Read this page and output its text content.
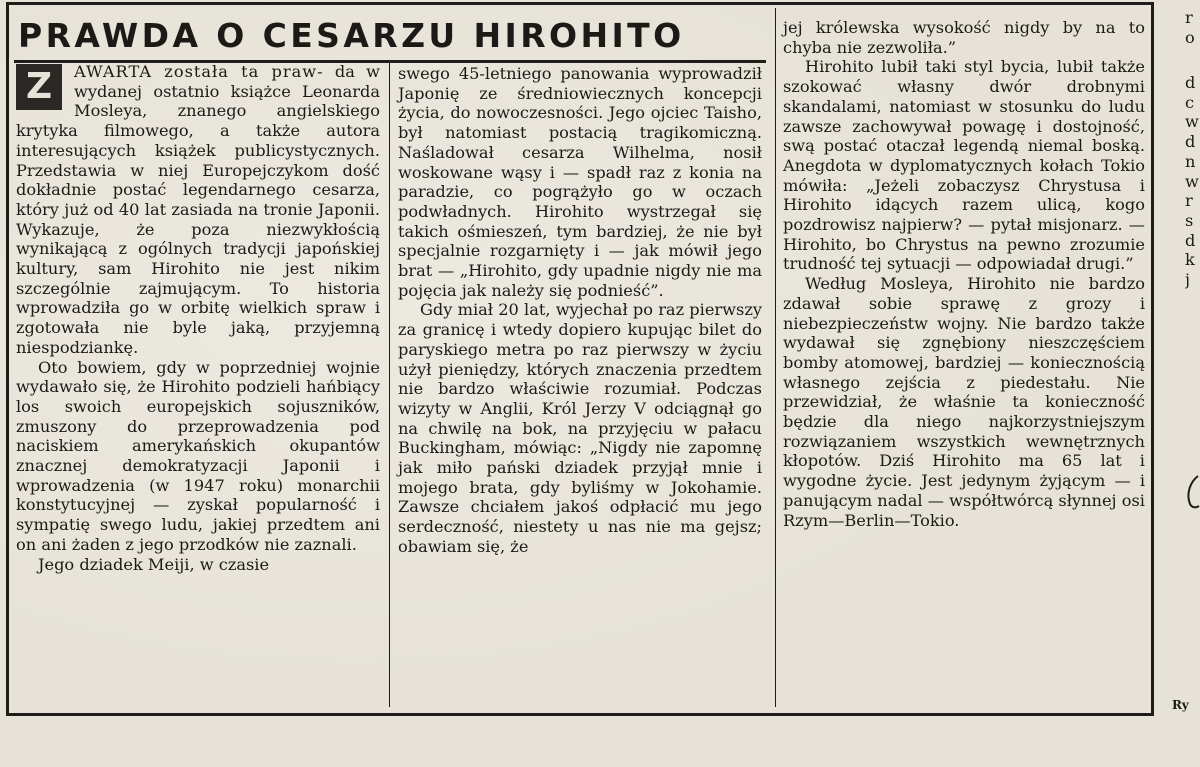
PRAWDA O CESARZU HIROHITO

Z	AWARTA została ta praw- da w wydanej ostatnio książce Leonarda Mosleya, znanego angielskiego krytyka filmowego, a także autora interesujących książek publicystycznych. Przedstawia w niej Europejczykom dość dokładnie postać legendarnego cesarza, który już od 40 lat zasiada na tronie Japonii. Wykazuje, że poza niezwykłością wynikającą z ogólnych tradycji japońskiej kultury, sam Hirohito nie jest nikim szczególnie zajmującym. To historia wprowadziła go w orbitę wielkich spraw i zgotowała nie byle jaką, przyjemną niespodziankę.

Oto bowiem, gdy w poprzedniej wojnie wydawało się, że Hirohito podzieli hańbiący los swoich europejskich sojuszników, zmuszony do przeprowadzenia pod naciskiem amerykańskich okupantów znacznej demokratyzacji Japonii i wprowadzenia (w 1947 roku) monarchii konstytucyjnej — zyskał popularność i sympatię swego ludu, jakiej przedtem ani on ani żaden z jego przodków nie zaznali.

Jego dziadek Meiji, w czasie

swego 45-letniego panowania wyprowadził Japonię ze średniowiecznych koncepcji życia, do nowoczesności. Jego ojciec Taisho, był natomiast postacią tragikomiczną. Naśladował cesarza Wilhelma, nosił woskowane wąsy i — spadł raz z konia na paradzie, co pogrążyło go w oczach podwładnych. Hirohito wystrzegał się takich ośmieszeń, tym bardziej, że nie był specjalnie rozgarnięty i — jak mówił jego brat — „Hirohito, gdy upadnie nigdy nie ma pojęcia jak należy się podnieść”.

Gdy miał 20 lat, wyjechał po raz pierwszy za granicę i wtedy dopiero kupując bilet do paryskiego metra po raz pierwszy w życiu użył pieniędzy, których znaczenia przedtem nie bardzo właściwie rozumiał. Podczas wizyty w Anglii, Król Jerzy V odciągnął go na chwilę na bok, na przyjęciu w pałacu Buckingham, mówiąc: „Nigdy nie zapomnę jak miło pański dziadek przyjął mnie i mojego brata, gdy byliśmy w Jokohamie. Zawsze chciałem jakoś odpłacić mu jego serdeczność, niestety u nas nie ma gejsz; obawiam się, że

jej królewska wysokość nigdy by na to chyba nie zezwoliła.”

Hirohito lubił taki styl bycia, lubił także szokować własny dwór drobnymi skandalami, natomiast w stosunku do ludu zawsze zachowywał powagę i dostojność, swą postać otaczał legendą niemal boską. Anegdota w dyplomatycznych kołach Tokio mówiła: „Jeżeli zobaczysz Chrystusa i Hirohito idących razem ulicą, kogo pozdrowisz najpierw? — pytał misjonarz. — Hirohito, bo Chrystus na pewno zrozumie trudność tej sytuacji — odpowiadał drugi.”

Według Mosleya, Hirohito nie bardzo zdawał sobie sprawę z grozy i niebezpieczeństw wojny. Nie bardzo także wydawał się zgnębiony nieszczęściem bomby atomowej, bardziej — koniecznością własnego zejścia z piedestału. Nie przewidział, że właśnie ta konieczność będzie dla niego najkorzystniejszym rozwiązaniem wszystkich wewnętrznych kłopotów. Dziś Hirohito ma 65 lat i wygodne życie. Jest jedynym żyjącym — i panującym nadal — współtwórcą słynnej osi Rzym—Berlin—Tokio.

r
o
d
c
w
d
n
w
r
s
d
k
j
Ry
